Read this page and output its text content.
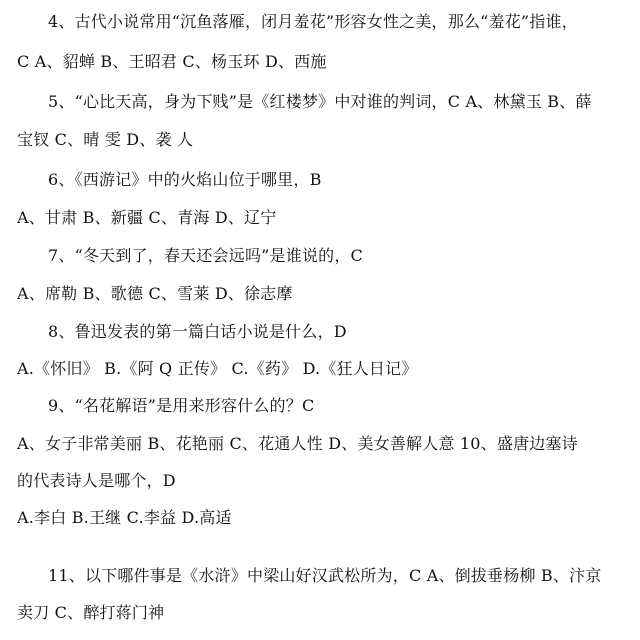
4、古代小说常用“沉鱼落雁，闭月羞花”形容女性之美，那么“羞花”指谁，
C A、貂蝉 B、王昭君 C、杨玉环 D、西施
5、“心比天高，身为下贱”是《红楼梦》中对谁的判词，C A、林黛玉 B、薛
宝钗 C、晴 雯 D、袭 人
6、《西游记》中的火焰山位于哪里，B
A、甘肃 B、新疆 C、青海 D、辽宁
7、“冬天到了，春天还会远吗”是谁说的，C
A、席勒 B、歌德 C、雪莱 D、徐志摩
8、鲁迅发表的第一篇白话小说是什么，D
A.《怀旧》 B.《阿 Q 正传》 C.《药》 D.《狂人日记》
9、“名花解语”是用来形容什么的？C
A、女子非常美丽 B、花艳丽 C、花通人性 D、美女善解人意 10、盛唐边塞诗
的代表诗人是哪个，D
A.李白 B.王继 C.李益 D.高适
11、以下哪件事是《水浒》中梁山好汉武松所为，C A、倒拔垂杨柳 B、汴京
卖刀 C、醉打蒋门神
